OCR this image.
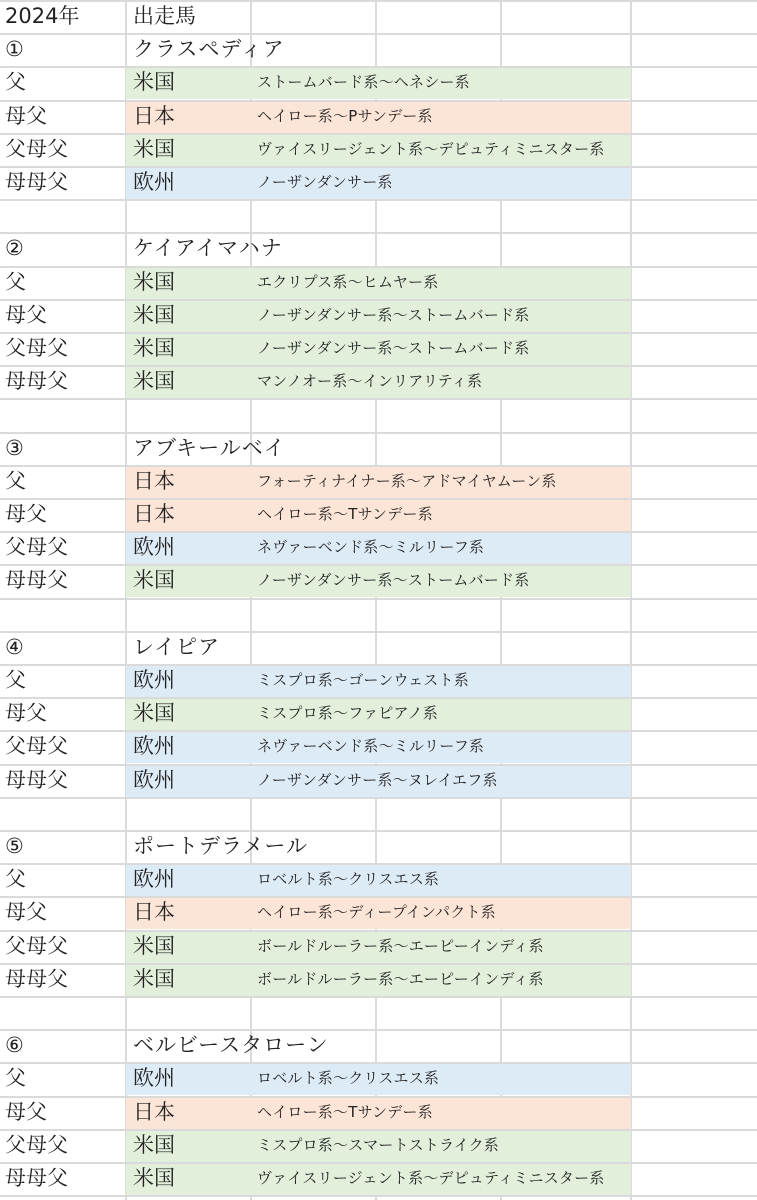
2024年	出走馬
①	クラスペディア
父	米国	ストームバード系〜ヘネシー系
母父	日本	ヘイロー系〜Pサンデー系
父母父	米国	ヴァイスリージェント系〜デピュティミニスター系
母母父	欧州	ノーザンダンサー系
②	ケイアイマハナ
父	米国	エクリプス系〜ヒムヤー系
母父	米国	ノーザンダンサー系〜ストームバード系
父母父	米国	ノーザンダンサー系〜ストームバード系
母母父	米国	マンノオー系〜インリアリティ系
③	アブキールベイ
父	日本	フォーティナイナー系〜アドマイヤムーン系
母父	日本	ヘイロー系〜Tサンデー系
父母父	欧州	ネヴァーベンド系〜ミルリーフ系
母母父	米国	ノーザンダンサー系〜ストームバード系
④	レイピア
父	欧州	ミスプロ系〜ゴーンウェスト系
母父	米国	ミスプロ系〜ファピアノ系
父母父	欧州	ネヴァーベンド系〜ミルリーフ系
母母父	欧州	ノーザンダンサー系〜ヌレイエフ系
⑤	ポートデラメール
父	欧州	ロベルト系〜クリスエス系
母父	日本	ヘイロー系〜ディープインパクト系
父母父	米国	ボールドルーラー系〜エーピーインディ系
母母父	米国	ボールドルーラー系〜エーピーインディ系
⑥	ベルビースタローン
父	欧州	ロベルト系〜クリスエス系
母父	日本	ヘイロー系〜Tサンデー系
父母父	米国	ミスプロ系〜スマートストライク系
母母父	米国	ヴァイスリージェント系〜デピュティミニスター系
